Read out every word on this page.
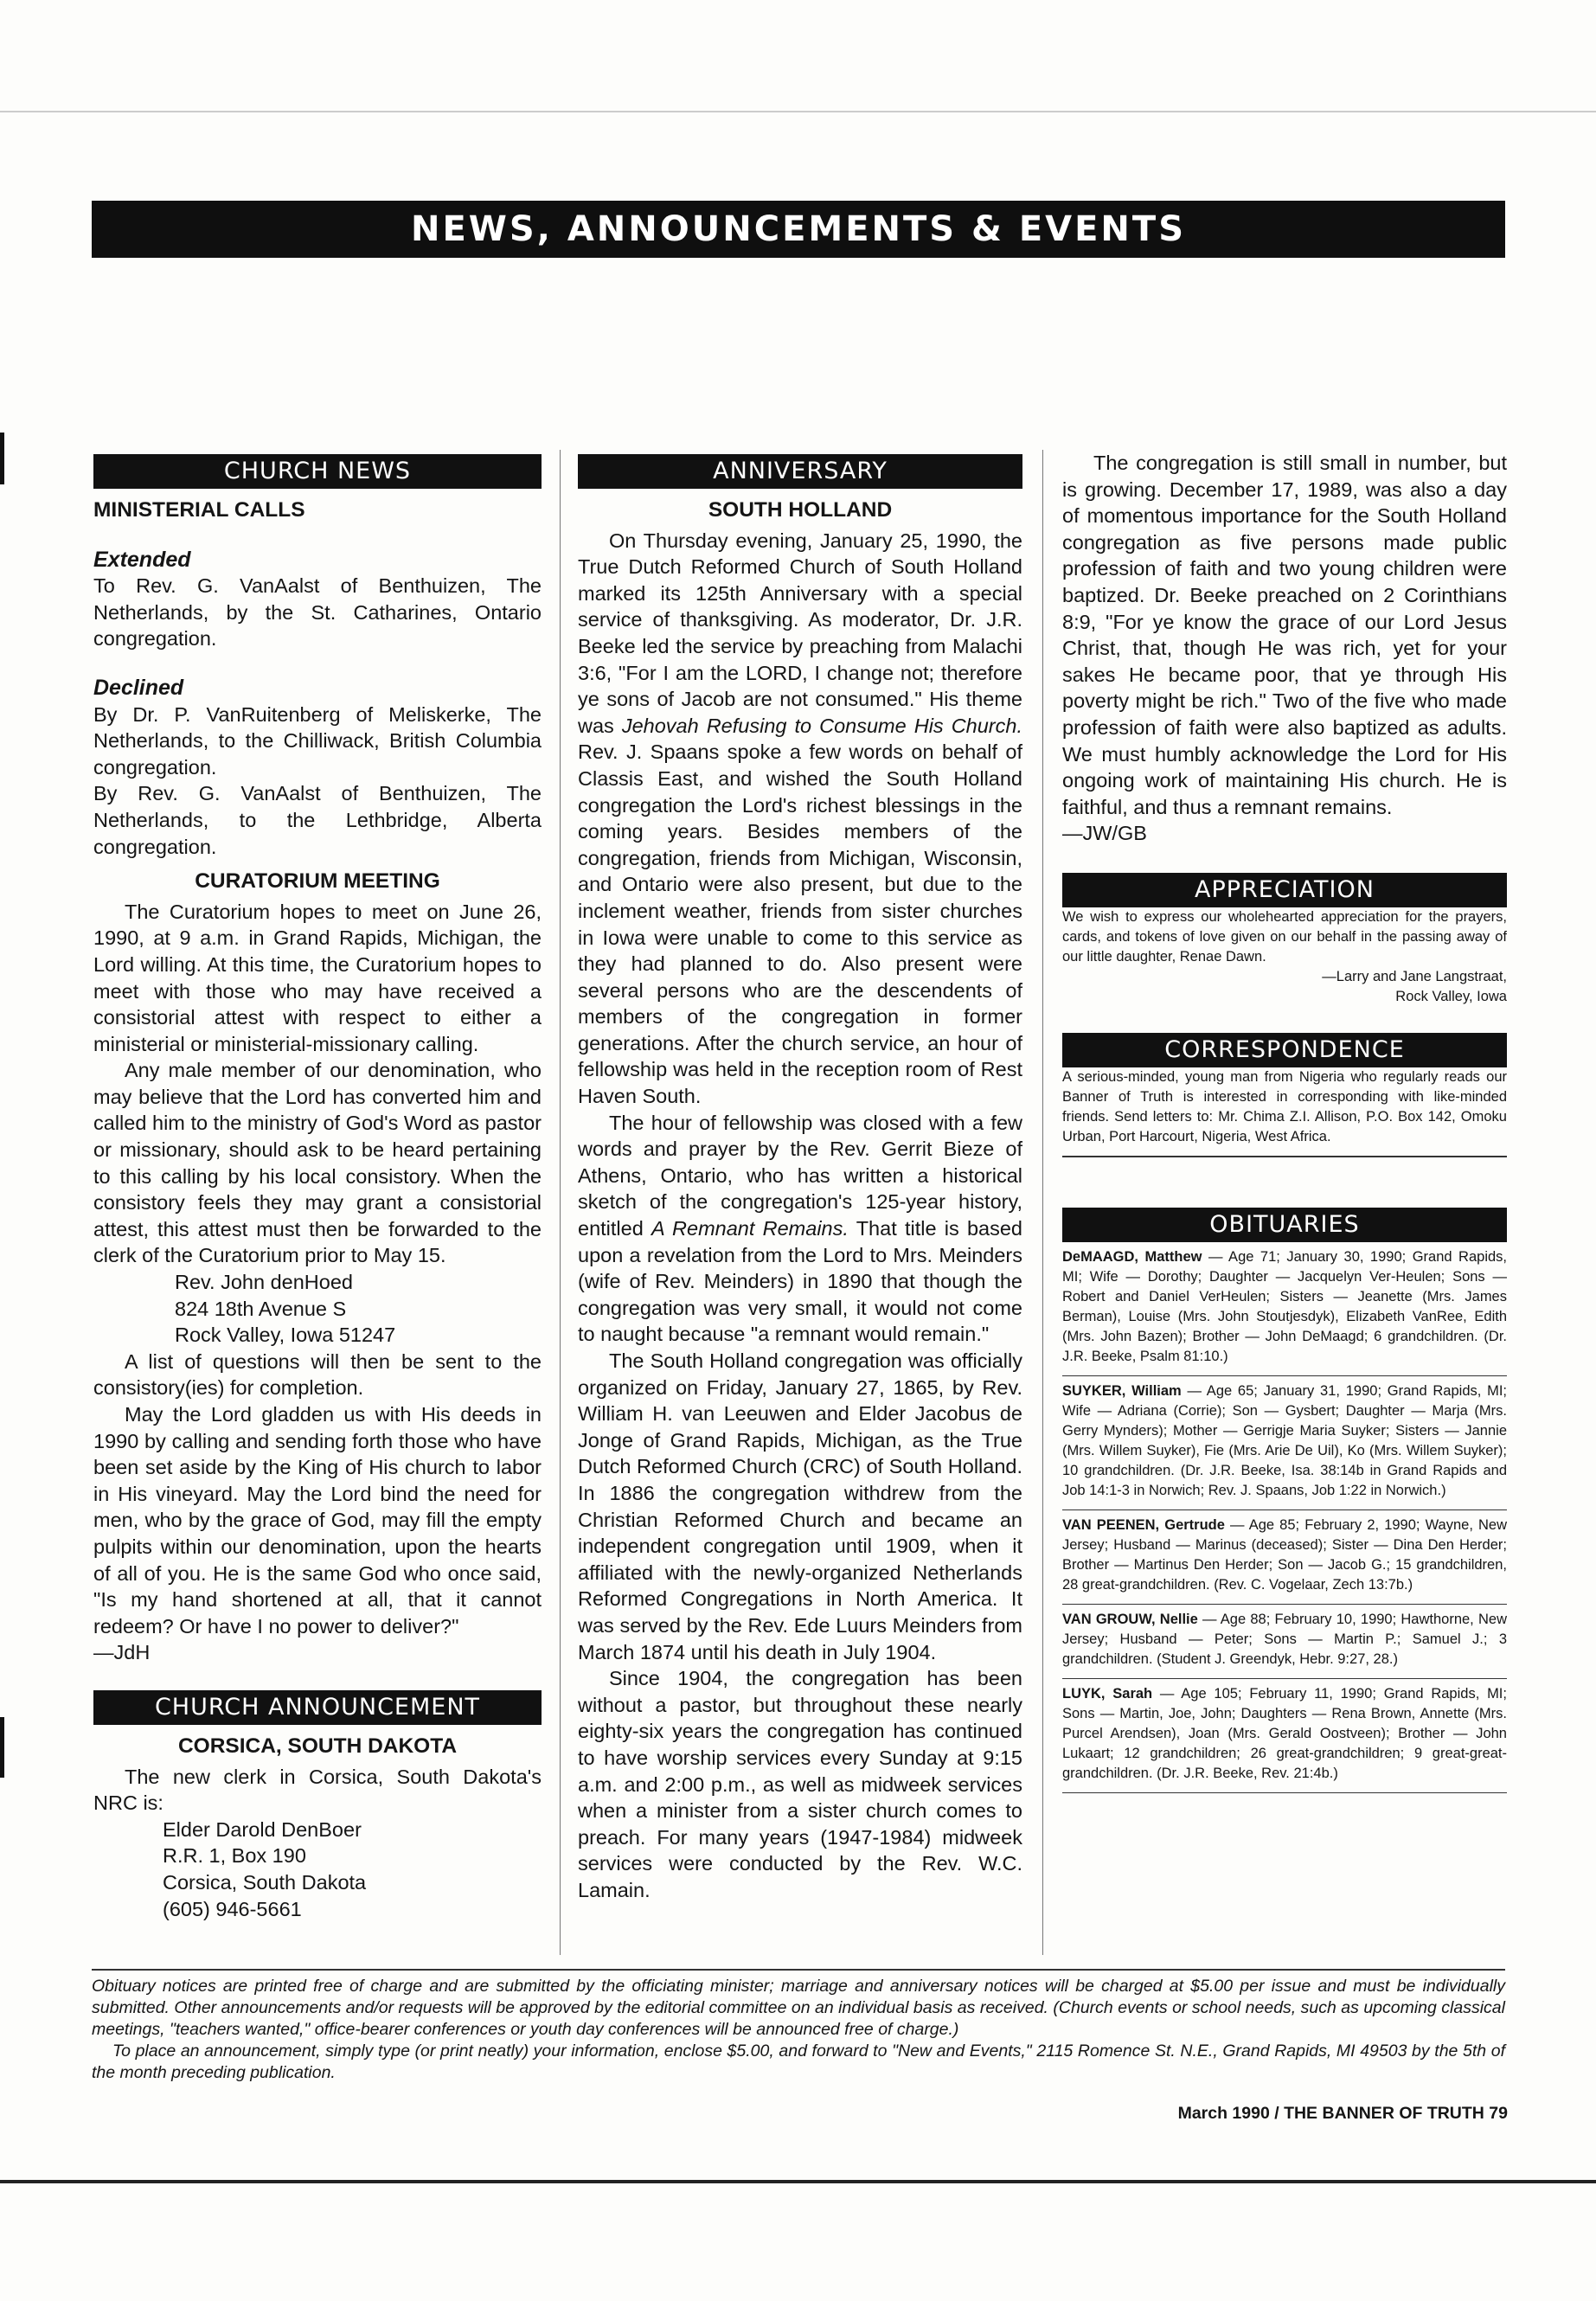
NEWS, ANNOUNCEMENTS & EVENTS
CHURCH NEWS
MINISTERIAL CALLS
Extended

To Rev. G. VanAalst of Benthuizen, The Netherlands, by the St. Catharines, Ontario congregation.

Declined

By Dr. P. VanRuitenberg of Meliskerke, The Netherlands, to the Chilliwack, British Columbia congregation.

By Rev. G. VanAalst of Benthuizen, The Netherlands, to the Lethbridge, Alberta congregation.

CURATORIUM MEETING

The Curatorium hopes to meet on June 26, 1990, at 9 a.m. in Grand Rapids, Michigan, the Lord willing. At this time, the Curatorium hopes to meet with those who may have received a consistorial attest with respect to either a ministerial or ministerial-missionary calling.

Any male member of our denomination, who may believe that the Lord has converted him and called him to the ministry of God's Word as pastor or missionary, should ask to be heard pertaining to this calling by his local consistory. When the consistory feels they may grant a consistorial attest, this attest must then be forwarded to the clerk of the Curatorium prior to May 15.

Rev. John denHoed

824 18th Avenue S

Rock Valley, Iowa 51247

A list of questions will then be sent to the consistory(ies) for completion.

May the Lord gladden us with His deeds in 1990 by calling and sending forth those who have been set aside by the King of His church to labor in His vineyard. May the Lord bind the need for men, who by the grace of God, may fill the empty pulpits within our denomination, upon the hearts of all of you. He is the same God who once said, "Is my hand shortened at all, that it cannot redeem? Or have I no power to deliver?"

—JdH

CHURCH ANNOUNCEMENT
CORSICA, SOUTH DAKOTA

The new clerk in Corsica, South Dakota's NRC is:

Elder Darold DenBoer

R.R. 1, Box 190

Corsica, South Dakota

(605) 946-5661

ANNIVERSARY
SOUTH HOLLAND

On Thursday evening, January 25, 1990, the True Dutch Reformed Church of South Holland marked its 125th Anniversary with a special service of thanksgiving. As moderator, Dr. J.R. Beeke led the service by preaching from Malachi 3:6, "For I am the LORD, I change not; therefore ye sons of Jacob are not consumed." His theme was Jehovah Refusing to Consume His Church. Rev. J. Spaans spoke a few words on behalf of Classis East, and wished the South Holland congregation the Lord's richest blessings in the coming years. Besides members of the congregation, friends from Michigan, Wisconsin, and Ontario were also present, but due to the inclement weather, friends from sister churches in Iowa were unable to come to this service as they had planned to do. Also present were several persons who are the descendents of members of the congregation in former generations. After the church service, an hour of fellowship was held in the reception room of Rest Haven South.

The hour of fellowship was closed with a few words and prayer by the Rev. Gerrit Bieze of Athens, Ontario, who has written a historical sketch of the congregation's 125-year history, entitled A Remnant Remains. That title is based upon a revelation from the Lord to Mrs. Meinders (wife of Rev. Meinders) in 1890 that though the congregation was very small, it would not come to naught because "a remnant would remain."

The South Holland congregation was officially organized on Friday, January 27, 1865, by Rev. William H. van Leeuwen and Elder Jacobus de Jonge of Grand Rapids, Michigan, as the True Dutch Reformed Church (CRC) of South Holland. In 1886 the congregation withdrew from the Christian Reformed Church and became an independent congregation until 1909, when it affiliated with the newly-organized Netherlands Reformed Congregations in North America. It was served by the Rev. Ede Luurs Meinders from March 1874 until his death in July 1904.

Since 1904, the congregation has been without a pastor, but throughout these nearly eighty-six years the congregation has continued to have worship services every Sunday at 9:15 a.m. and 2:00 p.m., as well as midweek services when a minister from a sister church comes to preach. For many years (1947-1984) midweek services were conducted by the Rev. W.C. Lamain.

The congregation is still small in number, but is growing. December 17, 1989, was also a day of momentous importance for the South Holland congregation as five persons made public profession of faith and two young children were baptized. Dr. Beeke preached on 2 Corinthians 8:9, "For ye know the grace of our Lord Jesus Christ, that, though He was rich, yet for your sakes He became poor, that ye through His poverty might be rich." Two of the five who made profession of faith were also baptized as adults. We must humbly acknowledge the Lord for His ongoing work of maintaining His church. He is faithful, and thus a remnant remains.

—JW/GB

APPRECIATION

We wish to express our wholehearted appreciation for the prayers, cards, and tokens of love given on our behalf in the passing away of our little daughter, Renae Dawn.

—Larry and Jane Langstraat,

Rock Valley, Iowa

CORRESPONDENCE

A serious-minded, young man from Nigeria who regularly reads our Banner of Truth is interested in corresponding with like-minded friends. Send letters to: Mr. Chima Z.I. Allison, P.O. Box 142, Omoku Urban, Port Harcourt, Nigeria, West Africa.

OBITUARIES
DeMAAGD, Matthew — Age 71; January 30, 1990; Grand Rapids, MI; Wife — Dorothy; Daughter — Jacquelyn Ver-Heulen; Sons —Robert and Daniel VerHeulen; Sisters — Jeanette (Mrs. James Berman), Louise (Mrs. John Stoutjesdyk), Elizabeth VanRee, Edith (Mrs. John Bazen); Brother — John DeMaagd; 6 grandchildren. (Dr. J.R. Beeke, Psalm 81:10.)
SUYKER, William — Age 65; January 31, 1990; Grand Rapids, MI; Wife — Adriana (Corrie); Son — Gysbert; Daughter — Marja (Mrs. Gerry Mynders); Mother — Gerrigje Maria Suyker; Sisters — Jannie (Mrs. Willem Suyker), Fie (Mrs. Arie De Uil), Ko (Mrs. Willem Suyker); 10 grandchildren. (Dr. J.R. Beeke, Isa. 38:14b in Grand Rapids and Job 14:1-3 in Norwich; Rev. J. Spaans, Job 1:22 in Norwich.)
VAN PEENEN, Gertrude — Age 85; February 2, 1990; Wayne, New Jersey; Husband — Marinus (deceased); Sister — Dina Den Herder; Brother — Martinus Den Herder; Son — Jacob G.; 15 grandchildren, 28 great-grandchildren. (Rev. C. Vogelaar, Zech 13:7b.)
VAN GROUW, Nellie — Age 88; February 10, 1990; Hawthorne, New Jersey; Husband — Peter; Sons — Martin P.; Samuel J.; 3 grandchildren. (Student J. Greendyk, Hebr. 9:27, 28.)
LUYK, Sarah — Age 105; February 11, 1990; Grand Rapids, MI; Sons — Martin, Joe, John; Daughters — Rena Brown, Annette (Mrs. Purcel Arendsen), Joan (Mrs. Gerald Oostveen); Brother — John Lukaart; 12 grandchildren; 26 great-grandchildren; 9 great-great-grandchildren. (Dr. J.R. Beeke, Rev. 21:4b.)

Obituary notices are printed free of charge and are submitted by the officiating minister; marriage and anniversary notices will be charged at $5.00 per issue and must be individually submitted. Other announcements and/or requests will be approved by the editorial committee on an individual basis as received. (Church events or school needs, such as upcoming classical meetings, "teachers wanted," office-bearer conferences or youth day conferences will be announced free of charge.)

To place an announcement, simply type (or print neatly) your information, enclose $5.00, and forward to "New and Events," 2115 Romence St. N.E., Grand Rapids, MI 49503 by the 5th of the month preceding publication.

March 1990 / THE BANNER OF TRUTH 79
